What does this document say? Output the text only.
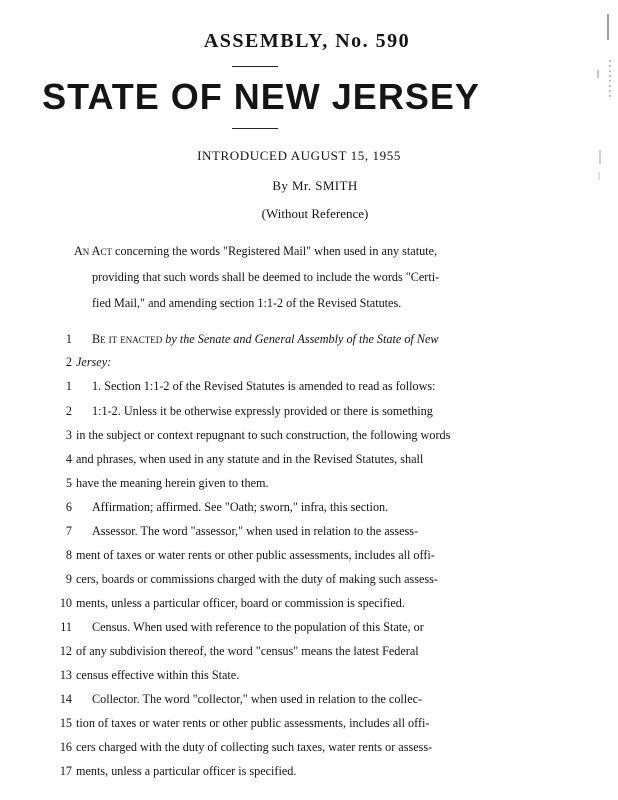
ASSEMBLY, No. 590
STATE OF NEW JERSEY
INTRODUCED AUGUST 15, 1955
By Mr. SMITH
(Without Reference)
An Act concerning the words "Registered Mail" when used in any statute,
providing that such words shall be deemed to include the words "Certi-
fied Mail," and amending section 1:1-2 of the Revised Statutes.
1 Be it enacted by the Senate and General Assembly of the State of New
2 Jersey:
1 1. Section 1:1-2 of the Revised Statutes is amended to read as follows:
2 1:1-2. Unless it be otherwise expressly provided or there is something
3 in the subject or context repugnant to such construction, the following words
4 and phrases, when used in any statute and in the Revised Statutes, shall
5 have the meaning herein given to them.
6 Affirmation; affirmed. See "Oath; sworn," infra, this section.
7 Assessor. The word "assessor," when used in relation to the assess-
8 ment of taxes or water rents or other public assessments, includes all offi-
9 cers, boards or commissions charged with the duty of making such assess-
10 ments, unless a particular officer, board or commission is specified.
11 Census. When used with reference to the population of this State, or
12 of any subdivision thereof, the word "census" means the latest Federal
13 census effective within this State.
14 Collector. The word "collector," when used in relation to the collec-
15 tion of taxes or water rents or other public assessments, includes all offi-
16 cers charged with the duty of collecting such taxes, water rents or assess-
17 ments, unless a particular officer is specified.
